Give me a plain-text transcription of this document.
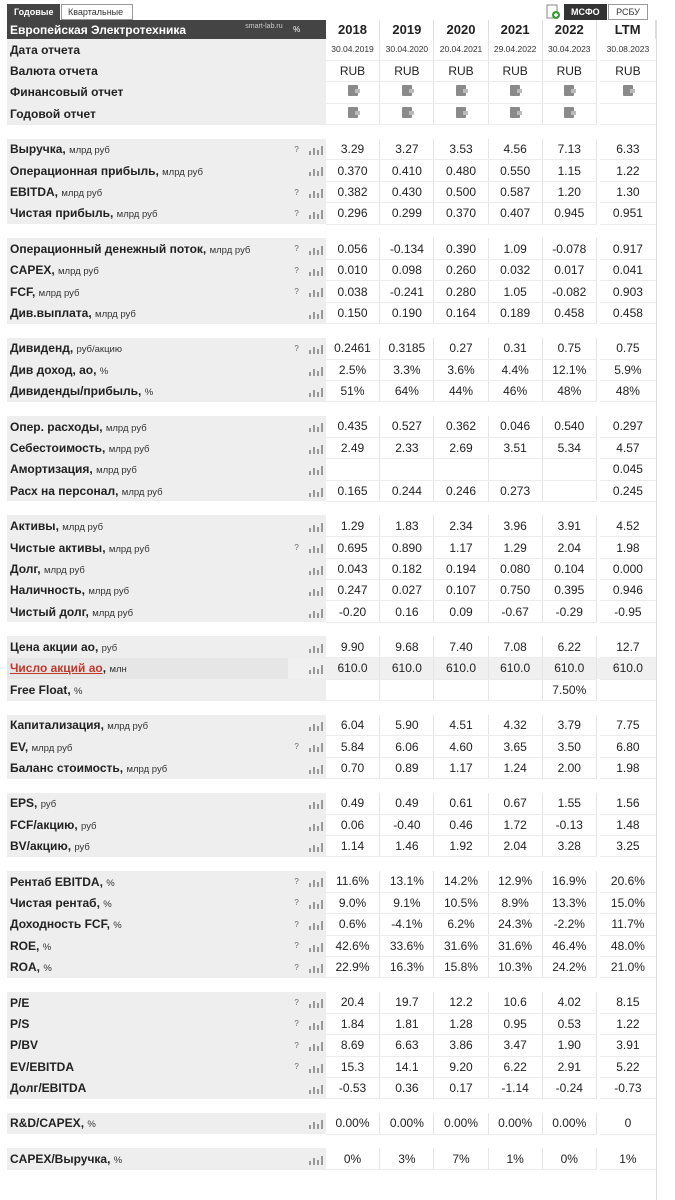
Годовые	Квартальные	МСФО	РСБУ
Европейская Электротехника smart-lab.ru	%		2018	2019	2020	2021	2022		LTM
Дата отчета			30.04.2019	30.04.2020	20.04.2021	29.04.2022	30.04.2023		30.08.2023
Валюта отчета			RUB	RUB	RUB	RUB	RUB		RUB
Финансовый отчет									
Годовой отчет									

Выручка, млрд руб	?		3.29	3.27	3.53	4.56	7.13		6.33
Операционная прибыль, млрд руб			0.370	0.410	0.480	0.550	1.15		1.22
EBITDA, млрд руб	?		0.382	0.430	0.500	0.587	1.20		1.30
Чистая прибыль, млрд руб	?		0.296	0.299	0.370	0.407	0.945		0.951

Операционный денежный поток, млрд руб	?		0.056	-0.134	0.390	1.09	-0.078		0.917
CAPEX, млрд руб	?		0.010	0.098	0.260	0.032	0.017		0.041
FCF, млрд руб	?		0.038	-0.241	0.280	1.05	-0.082		0.903
Див.выплата, млрд руб			0.150	0.190	0.164	0.189	0.458		0.458

Дивиденд, руб/акцию	?		0.2461	0.3185	0.27	0.31	0.75		0.75
Див доход, ао, %			2.5%	3.3%	3.6%	4.4%	12.1%		5.9%
Дивиденды/прибыль, %			51%	64%	44%	46%	48%		48%

Опер. расходы, млрд руб			0.435	0.527	0.362	0.046	0.540		0.297
Себестоимость, млрд руб			2.49	2.33	2.69	3.51	5.34		4.57
Амортизация, млрд руб									0.045
Расх на персонал, млрд руб			0.165	0.244	0.246	0.273			0.245

Активы, млрд руб			1.29	1.83	2.34	3.96	3.91		4.52
Чистые активы, млрд руб	?		0.695	0.890	1.17	1.29	2.04		1.98
Долг, млрд руб			0.043	0.182	0.194	0.080	0.104		0.000
Наличность, млрд руб			0.247	0.027	0.107	0.750	0.395		0.946
Чистый долг, млрд руб			-0.20	0.16	0.09	-0.67	-0.29		-0.95

Цена акции ао, руб			9.90	9.68	7.40	7.08	6.22		12.7
Число акций ао, млн			610.0	610.0	610.0	610.0	610.0		610.0
Free Float, %							7.50%		

Капитализация, млрд руб			6.04	5.90	4.51	4.32	3.79		7.75
EV, млрд руб	?		5.84	6.06	4.60	3.65	3.50		6.80
Баланс стоимость, млрд руб			0.70	0.89	1.17	1.24	2.00		1.98

EPS, руб			0.49	0.49	0.61	0.67	1.55		1.56
FCF/акцию, руб			0.06	-0.40	0.46	1.72	-0.13		1.48
BV/акцию, руб			1.14	1.46	1.92	2.04	3.28		3.25

Рентаб EBITDA, %	?		11.6%	13.1%	14.2%	12.9%	16.9%		20.6%
Чистая рентаб, %	?		9.0%	9.1%	10.5%	8.9%	13.3%		15.0%
Доходность FCF, %	?		0.6%	-4.1%	6.2%	24.3%	-2.2%		11.7%
ROE, %	?		42.6%	33.6%	31.6%	31.6%	46.4%		48.0%
ROA, %	?		22.9%	16.3%	15.8%	10.3%	24.2%		21.0%

P/E	?		20.4	19.7	12.2	10.6	4.02		8.15
P/S	?		1.84	1.81	1.28	0.95	0.53		1.22
P/BV	?		8.69	6.63	3.86	3.47	1.90		3.91
EV/EBITDA	?		15.3	14.1	9.20	6.22	2.91		5.22
Долг/EBITDA			-0.53	0.36	0.17	-1.14	-0.24		-0.73

R&D/CAPEX, %			0.00%	0.00%	0.00%	0.00%	0.00%		0

CAPEX/Выручка, %			0%	3%	7%	1%	0%		1%
